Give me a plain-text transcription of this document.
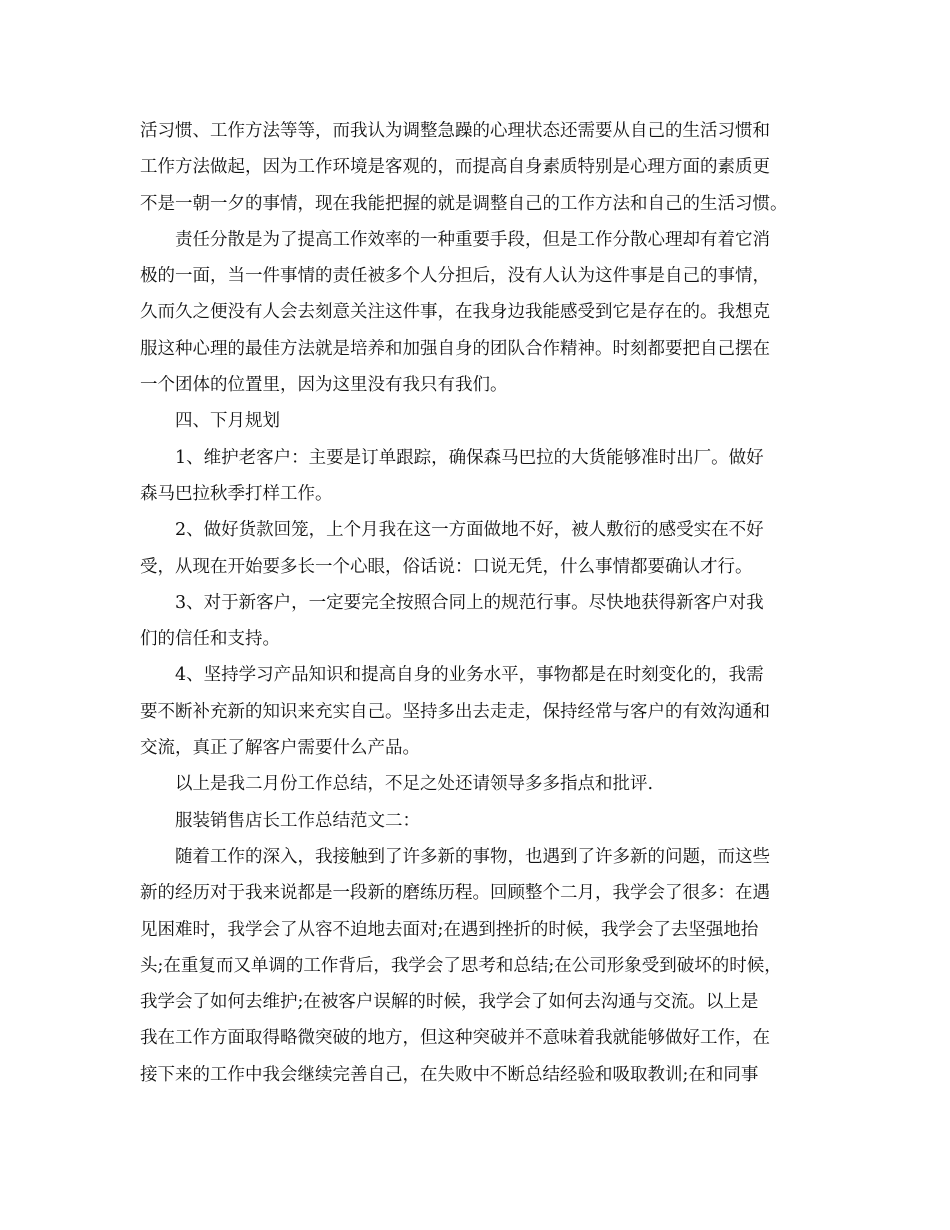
活习惯、工作方法等等，而我认为调整急躁的心理状态还需要从自己的生活习惯和
工作方法做起，因为工作环境是客观的，而提高自身素质特别是心理方面的素质更
不是一朝一夕的事情，现在我能把握的就是调整自己的工作方法和自己的生活习惯。
责任分散是为了提高工作效率的一种重要手段，但是工作分散心理却有着它消
极的一面，当一件事情的责任被多个人分担后，没有人认为这件事是自己的事情，
久而久之便没有人会去刻意关注这件事，在我身边我能感受到它是存在的。我想克
服这种心理的最佳方法就是培养和加强自身的团队合作精神。时刻都要把自己摆在
一个团体的位置里，因为这里没有我只有我们。
四、下月规划
1、维护老客户：主要是订单跟踪，确保森马巴拉的大货能够准时出厂。做好
森马巴拉秋季打样工作。
2、做好货款回笼，上个月我在这一方面做地不好，被人敷衍的感受实在不好
受，从现在开始要多长一个心眼，俗话说：口说无凭，什么事情都要确认才行。
3、对于新客户，一定要完全按照合同上的规范行事。尽快地获得新客户对我
们的信任和支持。
4、坚持学习产品知识和提高自身的业务水平，事物都是在时刻变化的，我需
要不断补充新的知识来充实自己。坚持多出去走走，保持经常与客户的有效沟通和
交流，真正了解客户需要什么产品。
以上是我二月份工作总结，不足之处还请领导多多指点和批评.
服装销售店长工作总结范文二：
随着工作的深入，我接触到了许多新的事物，也遇到了许多新的问题，而这些
新的经历对于我来说都是一段新的磨练历程。回顾整个二月，我学会了很多：在遇
见困难时，我学会了从容不迫地去面对;在遇到挫折的时候，我学会了去坚强地抬
头;在重复而又单调的工作背后，我学会了思考和总结;在公司形象受到破坏的时候，
我学会了如何去维护;在被客户误解的时候，我学会了如何去沟通与交流。以上是
我在工作方面取得略微突破的地方，但这种突破并不意味着我就能够做好工作，在
接下来的工作中我会继续完善自己，在失败中不断总结经验和吸取教训;在和同事
